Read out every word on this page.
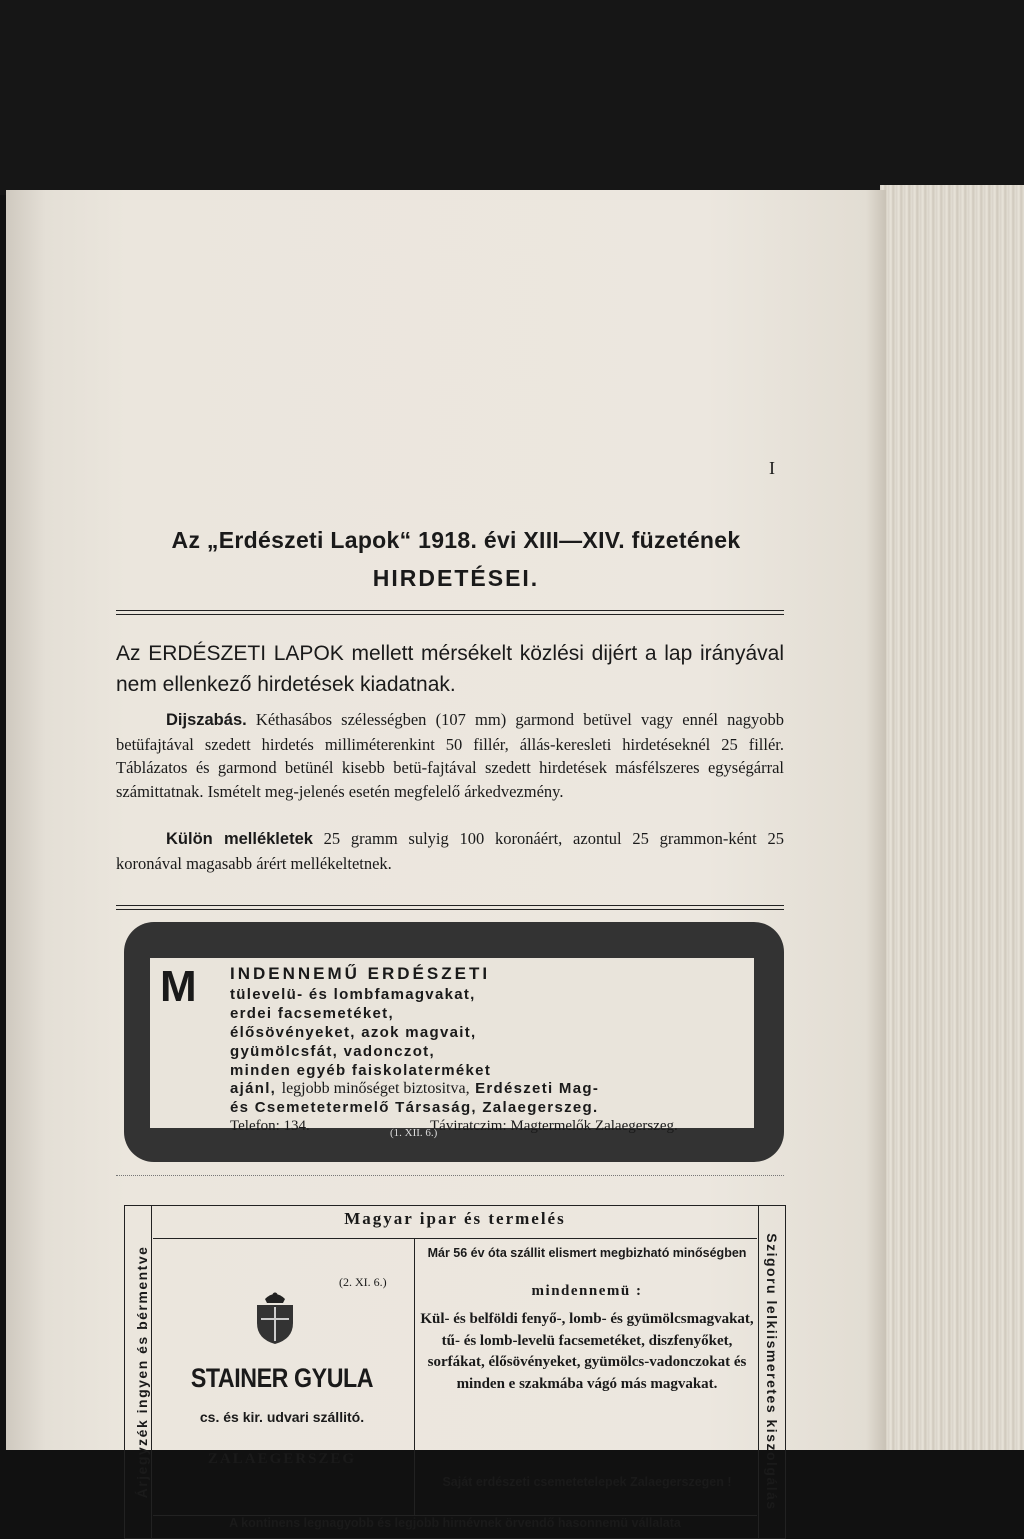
I
Az „Erdészeti Lapok“ 1918. évi XIII—XIV. füzetének
HIRDETÉSEI.
Az ERDÉSZETI LAPOK mellett mérsékelt közlési dijért a lap irányával nem ellenkező hirdetések kiadatnak.
Dijszabás. Kéthasábos szélességben (107 mm) garmond betüvel vagy ennél nagyobb betüfajtával szedett hirdetés milliméterenkint 50 fillér, állás-keresleti hirdetéseknél 25 fillér. Táblázatos és garmond betünél kisebb betü-fajtával szedett hirdetések másfélszeres egységárral számittatnak. Ismételt meg-jelenés esetén megfelelő árkedvezmény.
Külön mellékletek 25 gramm sulyig 100 koronáért, azontul 25 grammon-ként 25 koronával magasabb árért mellékeltetnek.
M INDENNEMŰ ERDÉSZETI
tülevelü- és lombfamagvakat,
erdei facsemetéket,
élősövényeket, azok magvait,
gyümölcsfát, vadonczot,
minden egyéb faiskolaterméket
ajánl, legjobb minőséget biztositva, Erdészeti Mag-
és Csemetetermelő Társaság, Zalaegerszeg.
Telefon: 134.	Táviratczim: Magtermelők Zalaegerszeg.
(1. XII. 6.)
Árjegyzék ingyen és bérmentve	Szigoru lelkiismeretes kiszolgálás
Magyar ipar és termelés
(2. XI. 6.)
STAINER GYULA
cs. és kir. udvari szállitó.
ZALAEGERSZEG
Már 56 év óta szállit elismert megbizható minőségben
mindennemü :
Kül- és belföldi fenyő-, lomb- és gyümölcsmagvakat, tű- és lomb-levelü facsemetéket, diszfenyőket, sorfákat, élősövényeket, gyümölcs-vadonczokat és minden e szakmába vágó más magvakat.
Saját erdészeti csemetetelepek Zalaegerszegen !
A kontinens legnagyobb és legjobb hirnévnek örvendő hasonnemü vállalata
